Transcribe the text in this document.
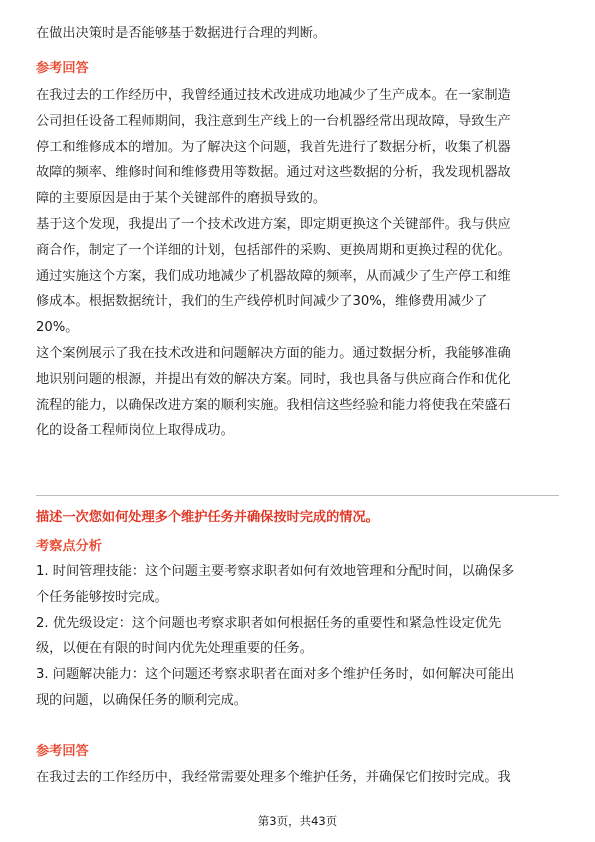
在做出决策时是否能够基于数据进行合理的判断。
参考回答
在我过去的工作经历中，我曾经通过技术改进成功地减少了生产成本。在一家制造
公司担任设备工程师期间，我注意到生产线上的一台机器经常出现故障，导致生产
停工和维修成本的增加。为了解决这个问题，我首先进行了数据分析，收集了机器
故障的频率、维修时间和维修费用等数据。通过对这些数据的分析，我发现机器故
障的主要原因是由于某个关键部件的磨损导致的。
基于这个发现，我提出了一个技术改进方案，即定期更换这个关键部件。我与供应
商合作，制定了一个详细的计划，包括部件的采购、更换周期和更换过程的优化。
通过实施这个方案，我们成功地减少了机器故障的频率，从而减少了生产停工和维
修成本。根据数据统计，我们的生产线停机时间减少了30%，维修费用减少了
20%。
这个案例展示了我在技术改进和问题解决方面的能力。通过数据分析，我能够准确
地识别问题的根源，并提出有效的解决方案。同时，我也具备与供应商合作和优化
流程的能力，以确保改进方案的顺利实施。我相信这些经验和能力将使我在荣盛石
化的设备工程师岗位上取得成功。
描述一次您如何处理多个维护任务并确保按时完成的情况。
考察点分析
1. 时间管理技能：这个问题主要考察求职者如何有效地管理和分配时间，以确保多
个任务能够按时完成。
2. 优先级设定：这个问题也考察求职者如何根据任务的重要性和紧急性设定优先
级，以便在有限的时间内优先处理重要的任务。
3. 问题解决能力：这个问题还考察求职者在面对多个维护任务时，如何解决可能出
现的问题，以确保任务的顺利完成。
参考回答
在我过去的工作经历中，我经常需要处理多个维护任务，并确保它们按时完成。我
第3页，共43页
